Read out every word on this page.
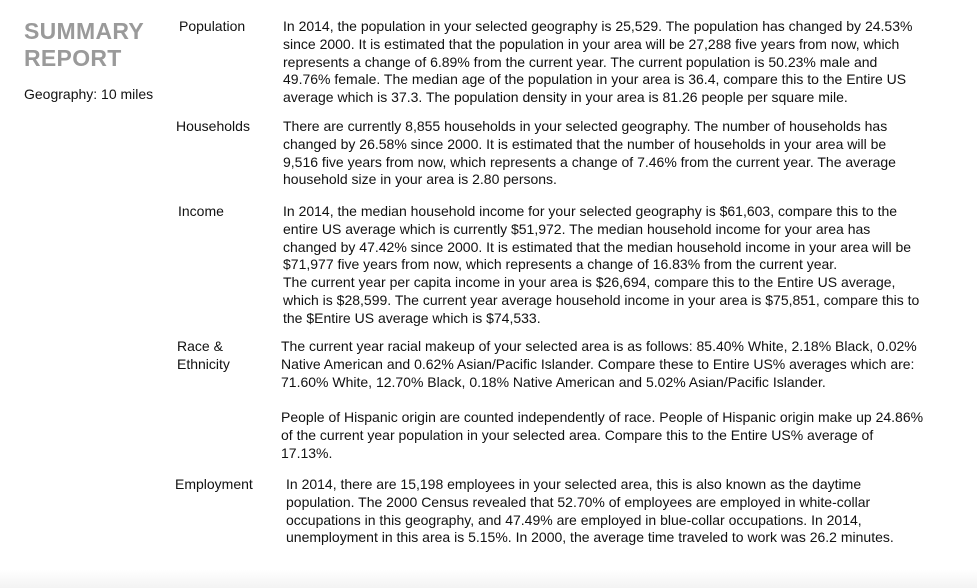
SUMMARY
REPORT
Geography: 10 miles
Population	In 2014, the population in your selected geography is 25,529. The population has changed by 24.53%
since 2000. It is estimated that the population in your area will be 27,288 five years from now, which
represents a change of 6.89% from the current year. The current population is 50.23% male and
49.76% female. The median age of the population in your area is 36.4, compare this to the Entire US
average which is 37.3. The population density in your area is 81.26 people per square mile.
Households There are currently 8,855 households in your selected geography. The number of households has
changed by 26.58% since 2000. It is estimated that the number of households in your area will be
9,516 five years from now, which represents a change of 7.46% from the current year. The average
household size in your area is 2.80 persons.
Income	In 2014, the median household income for your selected geography is $61,603, compare this to the
entire US average which is currently $51,972. The median household income for your area has
changed by 47.42% since 2000. It is estimated that the median household income in your area will be
$71,977 five years from now, which represents a change of 16.83% from the current year.
The current year per capita income in your area is $26,694, compare this to the Entire US average,
which is $28,599. The current year average household income in your area is $75,851, compare this to
the $Entire US average which is $74,533.
Race &
Ethnicity
The current year racial makeup of your selected area is as follows: 85.40% White, 2.18% Black, 0.02%
Native American and 0.62% Asian/Pacific Islander. Compare these to Entire US% averages which are:
71.60% White, 12.70% Black, 0.18% Native American and 5.02% Asian/Pacific Islander.
People of Hispanic origin are counted independently of race. People of Hispanic origin make up 24.86%
of the current year population in your selected area. Compare this to the Entire US% average of
17.13%.
Employment In 2014, there are 15,198 employees in your selected area, this is also known as the daytime
population. The 2000 Census revealed that 52.70% of employees are employed in white-collar
occupations in this geography, and 47.49% are employed in blue-collar occupations. In 2014,
unemployment in this area is 5.15%. In 2000, the average time traveled to work was 26.2 minutes.
